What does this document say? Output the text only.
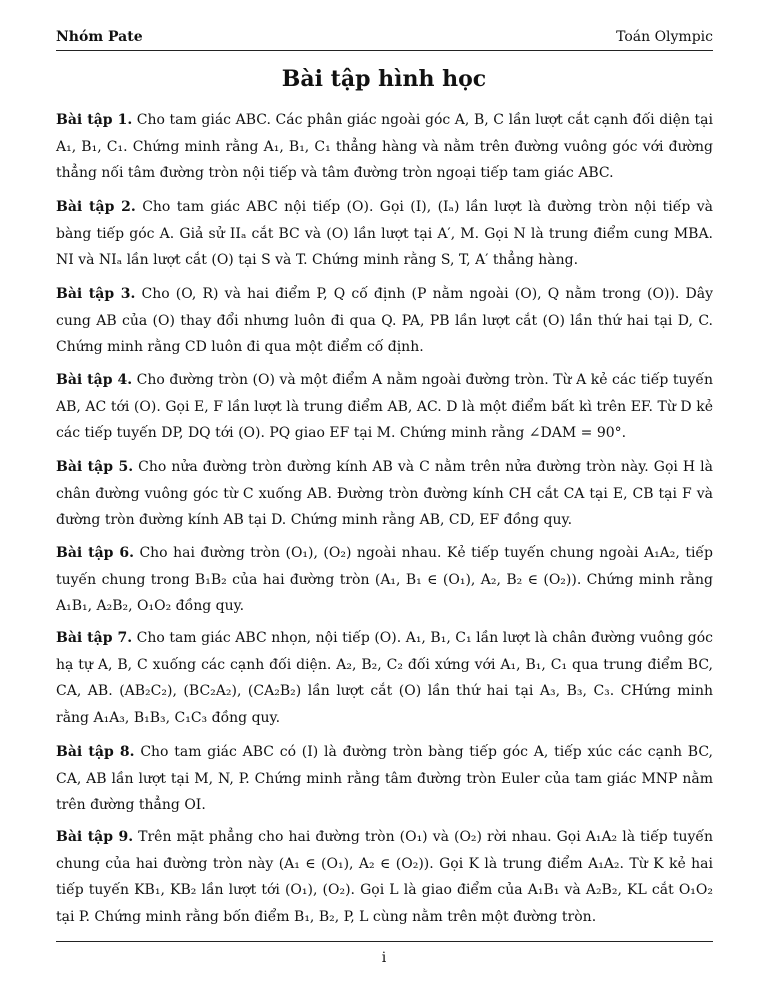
Nhóm Pate	Toán Olympic
Bài tập hình học
Bài tập 1. Cho tam giác ABC. Các phân giác ngoài góc A, B, C lần lượt cắt cạnh đối diện tại A₁, B₁, C₁. Chứng minh rằng A₁, B₁, C₁ thẳng hàng và nằm trên đường vuông góc với đường thẳng nối tâm đường tròn nội tiếp và tâm đường tròn ngoại tiếp tam giác ABC.
Bài tập 2. Cho tam giác ABC nội tiếp (O). Gọi (I), (Iₐ) lần lượt là đường tròn nội tiếp và bàng tiếp góc A. Giả sử IIₐ cắt BC và (O) lần lượt tại A′, M. Gọi N là trung điểm cung MBA. NI và NIₐ lần lượt cắt (O) tại S và T. Chứng minh rằng S, T, A′ thẳng hàng.
Bài tập 3. Cho (O, R) và hai điểm P, Q cố định (P nằm ngoài (O), Q nằm trong (O)). Dây cung AB của (O) thay đổi nhưng luôn đi qua Q. PA, PB lần lượt cắt (O) lần thứ hai tại D, C. Chứng minh rằng CD luôn đi qua một điểm cố định.
Bài tập 4. Cho đường tròn (O) và một điểm A nằm ngoài đường tròn. Từ A kẻ các tiếp tuyến AB, AC tới (O). Gọi E, F lần lượt là trung điểm AB, AC. D là một điểm bất kì trên EF. Từ D kẻ các tiếp tuyến DP, DQ tới (O). PQ giao EF tại M. Chứng minh rằng ∠DAM = 90°.
Bài tập 5. Cho nửa đường tròn đường kính AB và C nằm trên nửa đường tròn này. Gọi H là chân đường vuông góc từ C xuống AB. Đường tròn đường kính CH cắt CA tại E, CB tại F và đường tròn đường kính AB tại D. Chứng minh rằng AB, CD, EF đồng quy.
Bài tập 6. Cho hai đường tròn (O₁), (O₂) ngoài nhau. Kẻ tiếp tuyến chung ngoài A₁A₂, tiếp tuyến chung trong B₁B₂ của hai đường tròn (A₁, B₁ ∈ (O₁), A₂, B₂ ∈ (O₂)). Chứng minh rằng A₁B₁, A₂B₂, O₁O₂ đồng quy.
Bài tập 7. Cho tam giác ABC nhọn, nội tiếp (O). A₁, B₁, C₁ lần lượt là chân đường vuông góc hạ tự A, B, C xuống các cạnh đối diện. A₂, B₂, C₂ đối xứng với A₁, B₁, C₁ qua trung điểm BC, CA, AB. (AB₂C₂), (BC₂A₂), (CA₂B₂) lần lượt cắt (O) lần thứ hai tại A₃, B₃, C₃. CHứng minh rằng A₁A₃, B₁B₃, C₁C₃ đồng quy.
Bài tập 8. Cho tam giác ABC có (I) là đường tròn bàng tiếp góc A, tiếp xúc các cạnh BC, CA, AB lần lượt tại M, N, P. Chứng minh rằng tâm đường tròn Euler của tam giác MNP nằm trên đường thẳng OI.
Bài tập 9. Trên mặt phẳng cho hai đường tròn (O₁) và (O₂) rời nhau. Gọi A₁A₂ là tiếp tuyến chung của hai đường tròn này (A₁ ∈ (O₁), A₂ ∈ (O₂)). Gọi K là trung điểm A₁A₂. Từ K kẻ hai tiếp tuyến KB₁, KB₂ lần lượt tới (O₁), (O₂). Gọi L là giao điểm của A₁B₁ và A₂B₂, KL cắt O₁O₂ tại P. Chứng minh rằng bốn điểm B₁, B₂, P, L cùng nằm trên một đường tròn.
i
